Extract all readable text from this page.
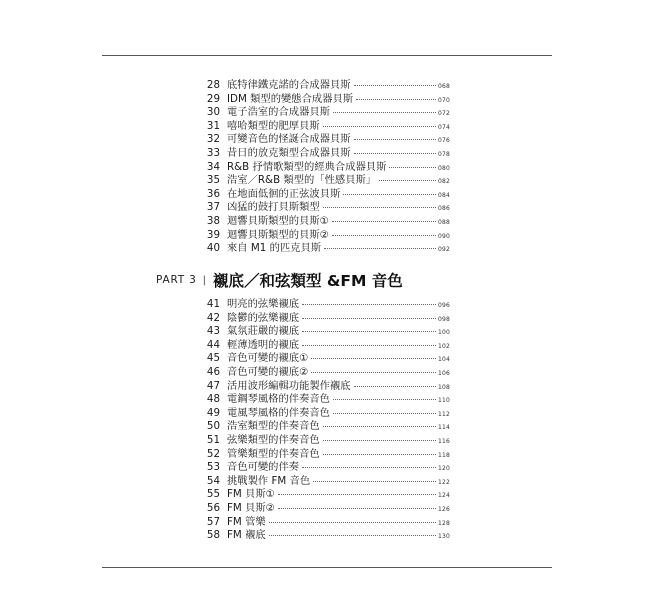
28 底特律鐵克諾的合成器貝斯	068
29 IDM 類型的變態合成器貝斯	070
30 電子浩室的合成器貝斯	072
31 嘻哈類型的肥厚貝斯	074
32 可變音色的怪誕合成器貝斯	076
33 昔日的放克類型合成器貝斯	078
34 R&B 抒情歌類型的經典合成器貝斯	080
35 浩室／R&B 類型的「性感貝斯」	082
36 在地面低徊的正弦波貝斯	084
37 凶猛的鼓打貝斯類型	086
38 迴響貝斯類型的貝斯①	088
39 迴響貝斯類型的貝斯②	090
40 來自 M1 的匹克貝斯	092
PART 3 | 襯底／和弦類型 &FM 音色
41 明亮的弦樂襯底	096
42 陰鬱的弦樂襯底	098
43 氣氛莊嚴的襯底	100
44 輕薄透明的襯底	102
45 音色可變的襯底①	104
46 音色可變的襯底②	106
47 活用波形編輯功能製作襯底	108
48 電鋼琴風格的伴奏音色	110
49 電風琴風格的伴奏音色	112
50 浩室類型的伴奏音色	114
51 弦樂類型的伴奏音色	116
52 管樂類型的伴奏音色	118
53 音色可變的伴奏	120
54 挑戰製作 FM 音色	122
55 FM 貝斯①	124
56 FM 貝斯②	126
57 FM 管樂	128
58 FM 襯底	130
